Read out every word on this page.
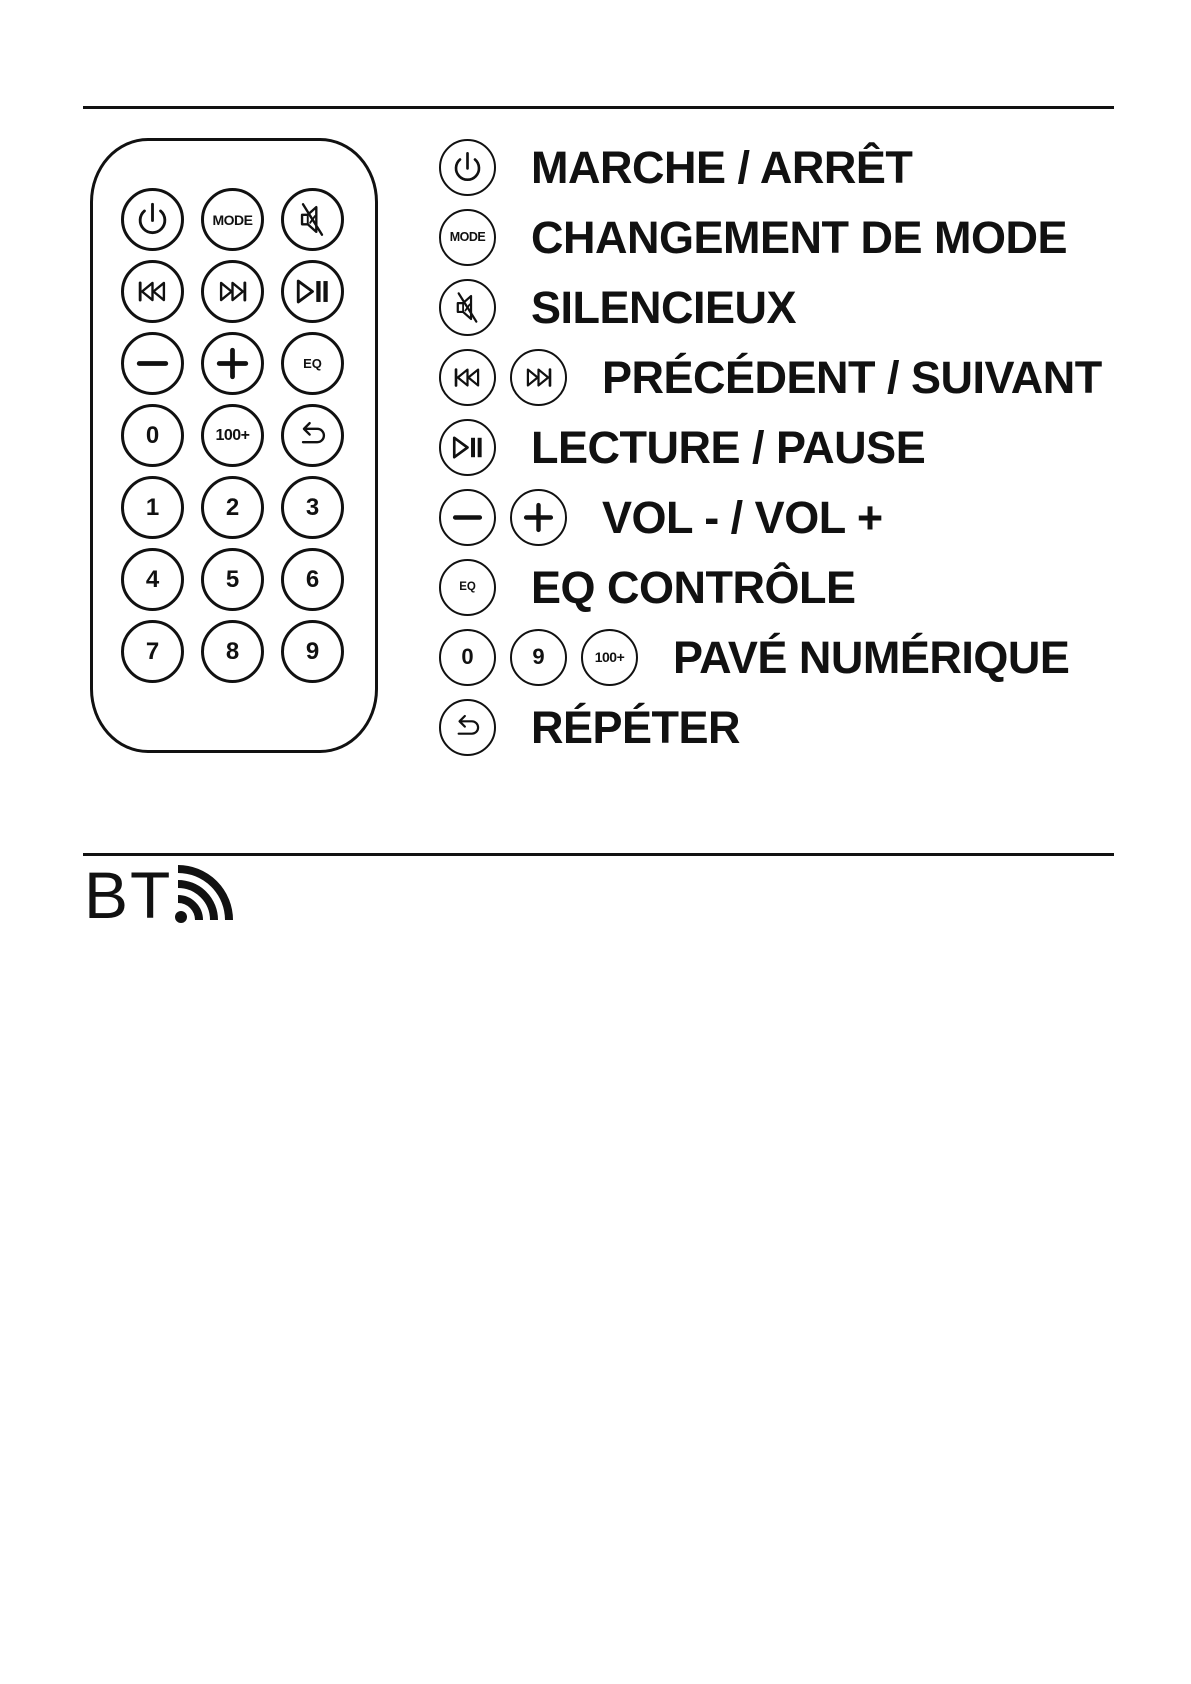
MODE
EQ
0	100+
1	2	3
4	5	6
7	8	9
MARCHE / ARRÊT
MODE CHANGEMENT DE MODE
SILENCIEUX
PRÉCÉDENT / SUIVANT
LECTURE / PAUSE
VOL - / VOL +
EQ EQ CONTRÔLE
0	9	100+ PAVÉ NUMÉRIQUE
RÉPÉTER
BT
